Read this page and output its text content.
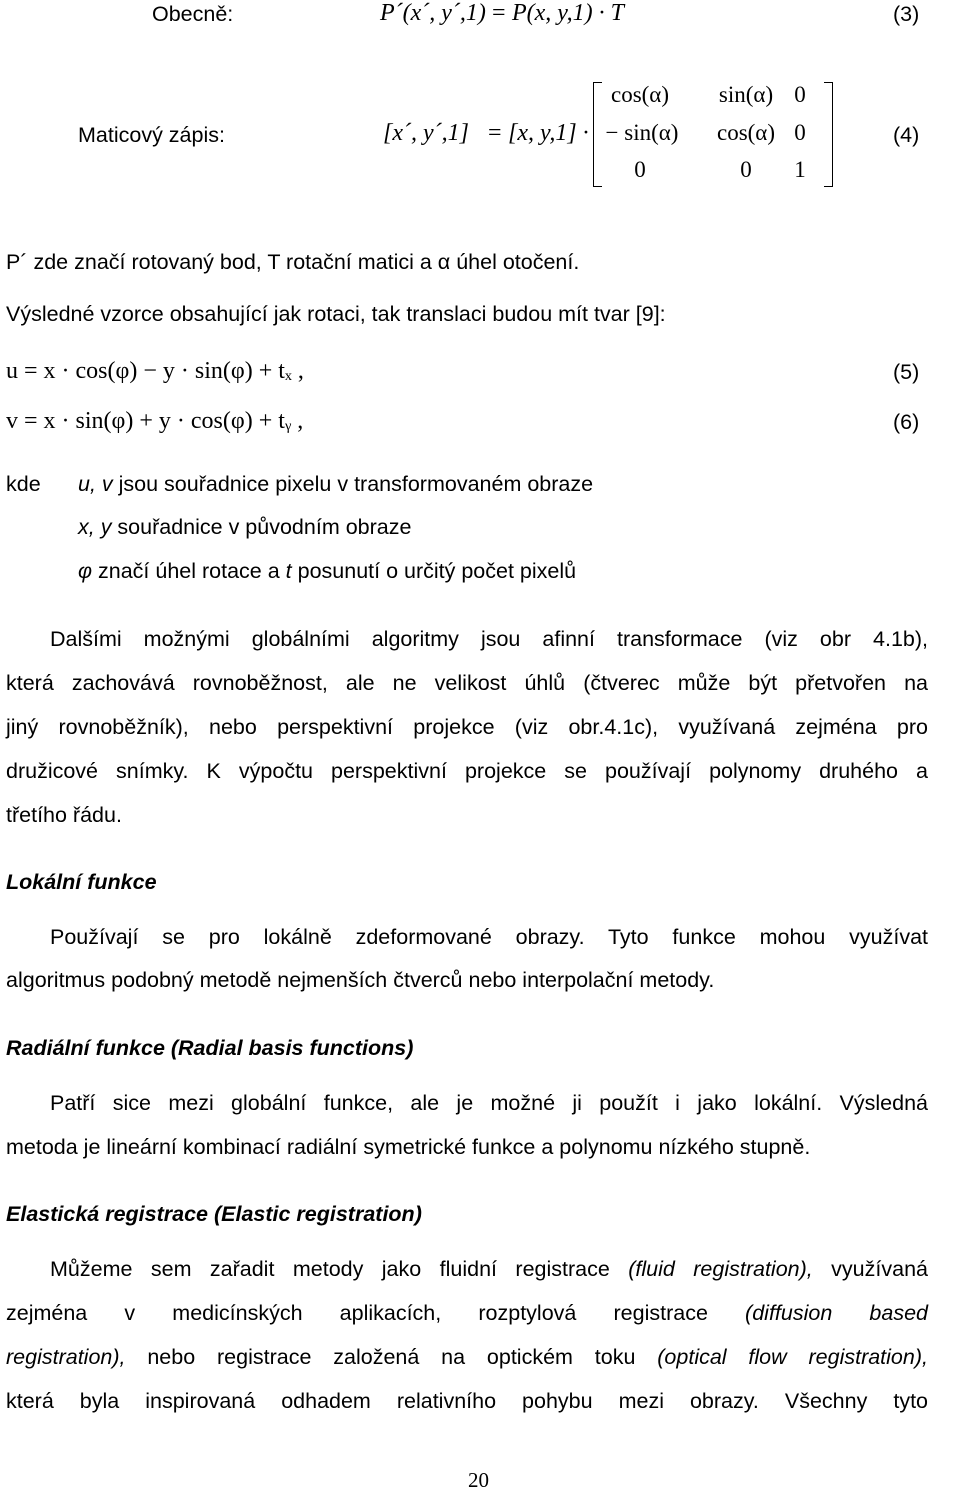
Obecně:	P´(x´, y´,1) = P(x, y,1) · T	(3)
Maticový zápis:	[x´, y´,1] = [x, y,1] ·
cos(α)	sin(α) 0
− sin(α)	cos(α) 0
0	0	1
(4)
P´ zde značí rotovaný bod, T rotační matici a α úhel otočení.
Výsledné vzorce obsahující jak rotaci, tak translaci budou mít tvar [9]:
u = x · cos(φ) − y · sin(φ) + tₓ ,	(5)
v = x · sin(φ) + y · cos(φ) + tᵧ ,	(6)
kde u, v jsou souřadnice pixelu v transformovaném obraze
x, y souřadnice v původním obraze
φ značí úhel rotace a t posunutí o určitý počet pixelů
Dalšími možnými globálními algoritmy jsou afinní transformace (viz obr 4.1b),
která zachovává rovnoběžnost, ale ne velikost úhlů (čtverec může být přetvořen na
jiný rovnoběžník), nebo perspektivní projekce (viz obr.4.1c), využívaná zejména pro
družicové snímky. K výpočtu perspektivní projekce se používají polynomy druhého a
třetího řádu.
Lokální funkce
Používají se pro lokálně zdeformované obrazy. Tyto funkce mohou využívat
algoritmus podobný metodě nejmenších čtverců nebo interpolační metody.
Radiální funkce (Radial basis functions)
Patří sice mezi globální funkce, ale je možné ji použít i jako lokální. Výsledná
metoda je lineární kombinací radiální symetrické funkce a polynomu nízkého stupně.
Elastická registrace (Elastic registration)
Můžeme sem zařadit metody jako fluidní registrace (fluid registration), využívaná
zejména v medicínských aplikacích, rozptylová registrace (diffusion based
registration), nebo registrace založená na optickém toku (optical flow registration),
která byla inspirovaná odhadem relativního pohybu mezi obrazy. Všechny tyto
20
